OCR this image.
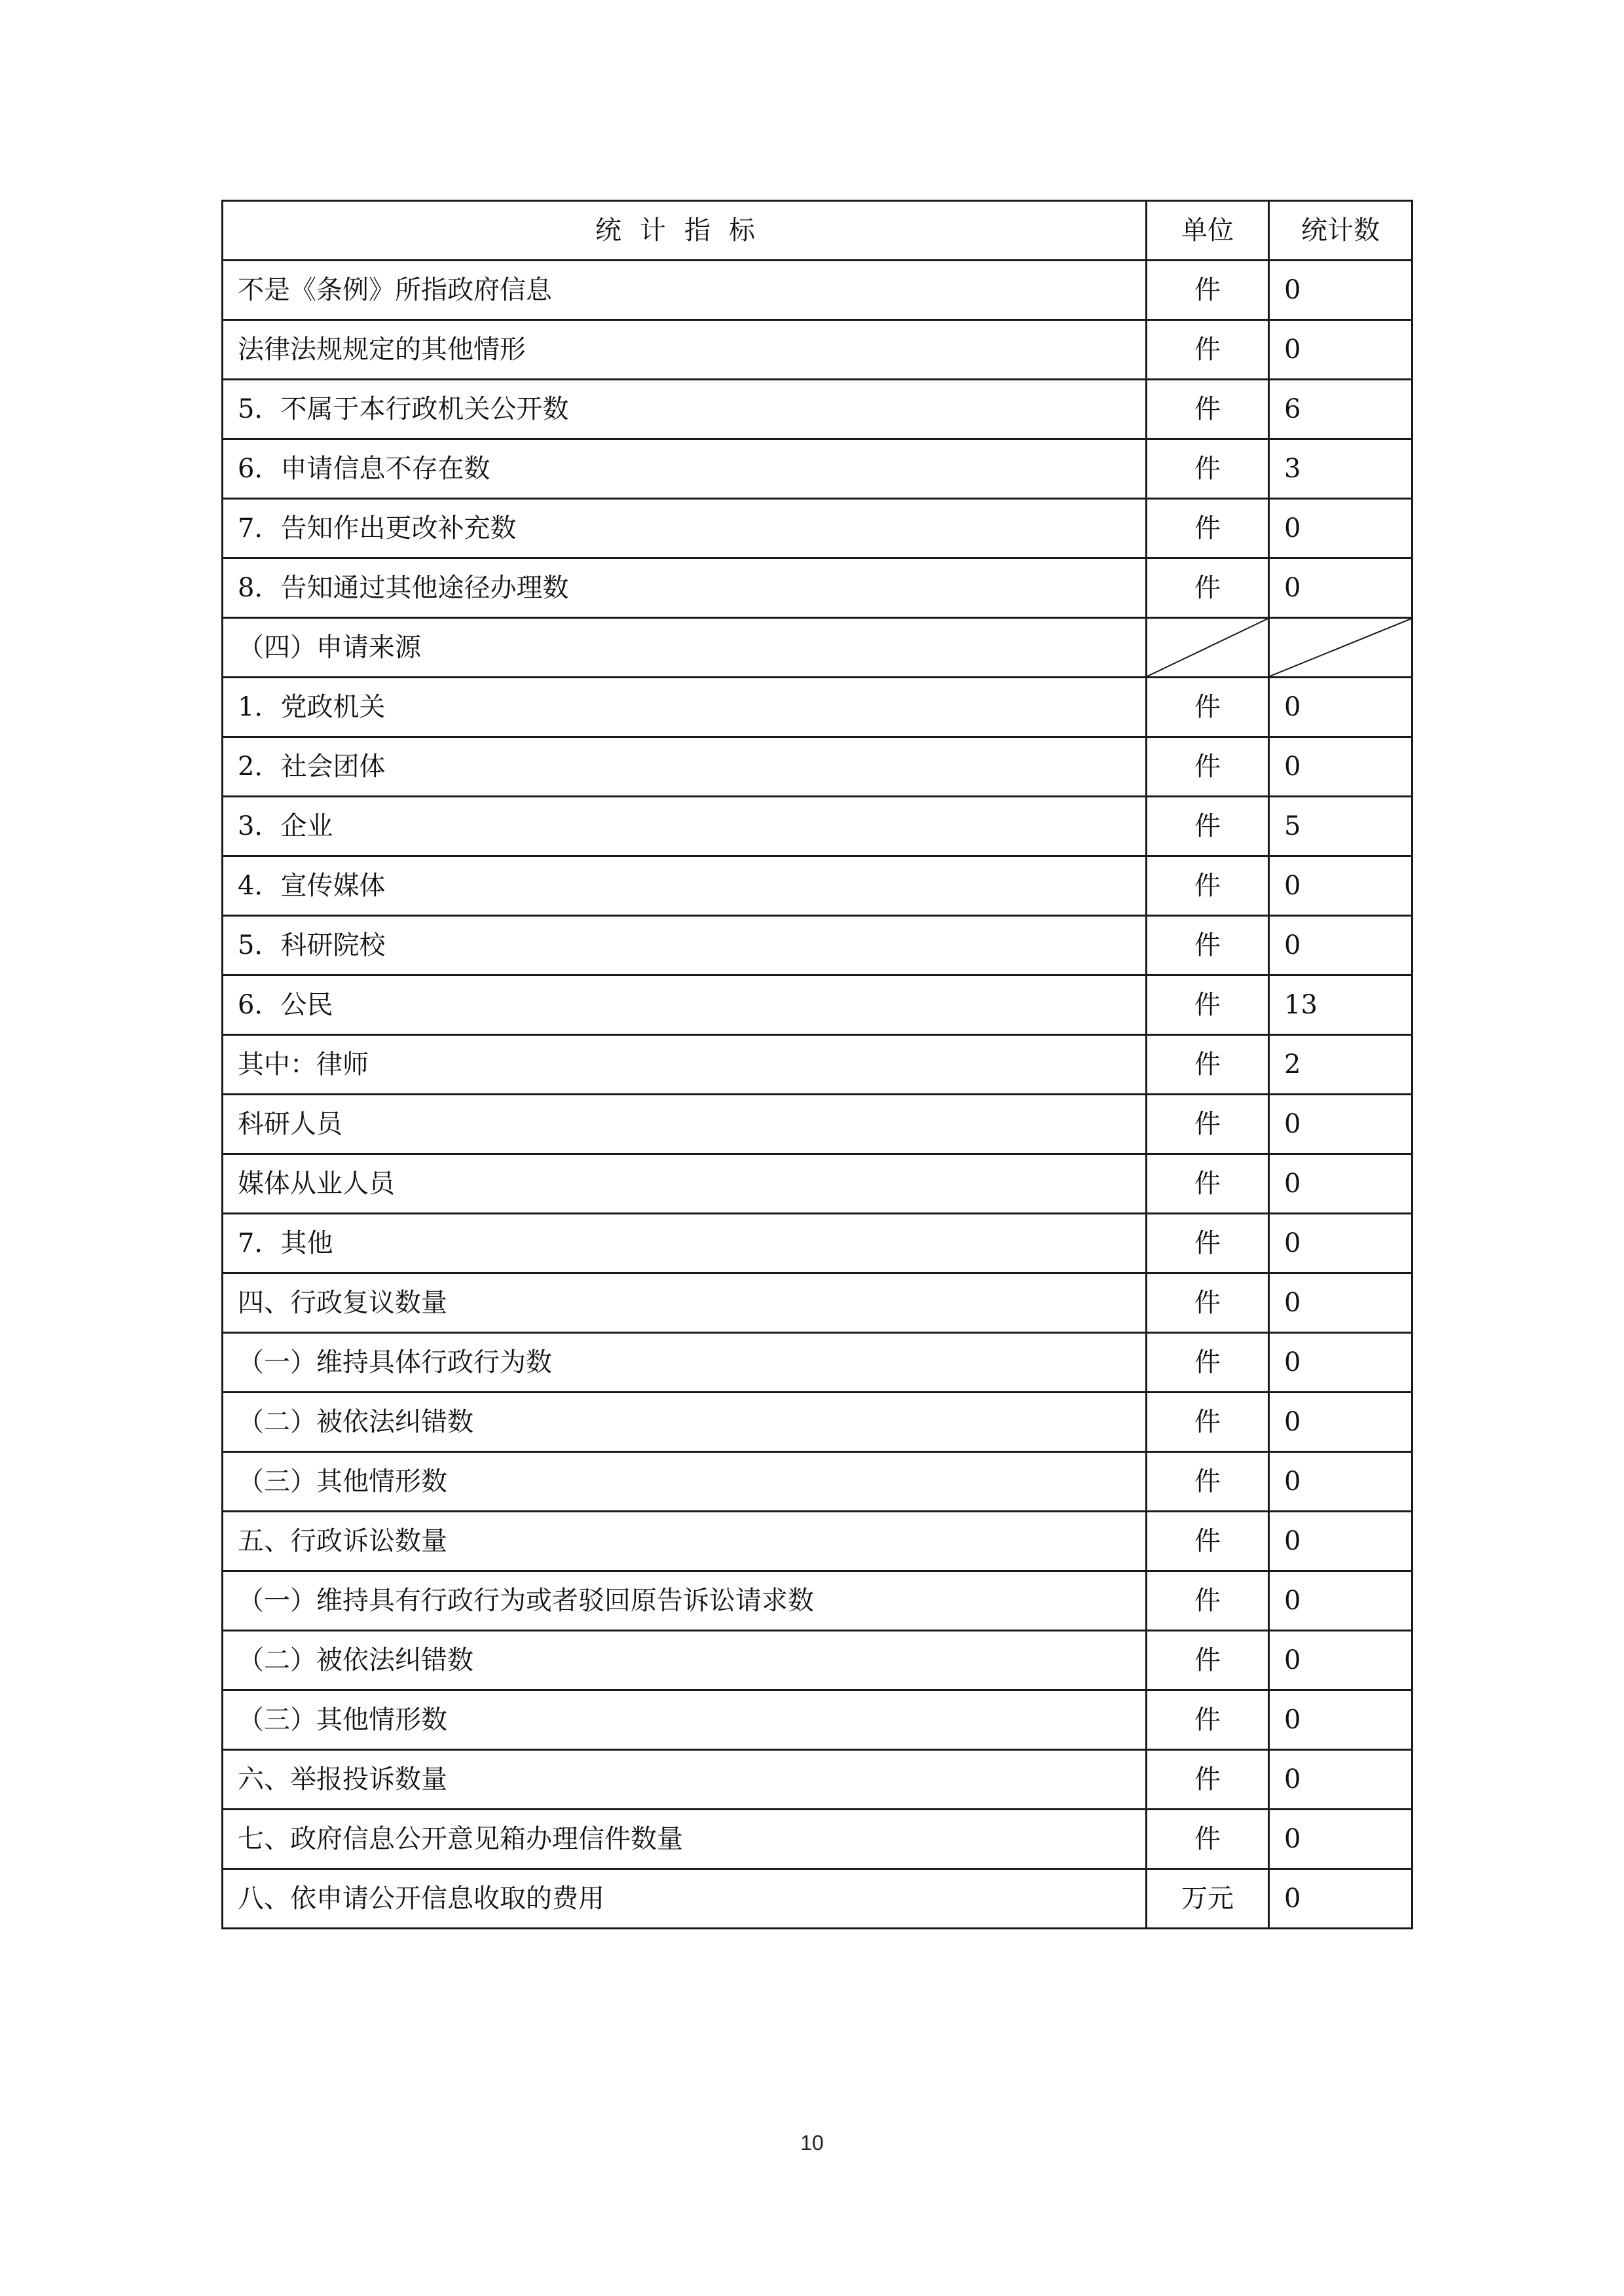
统计指标	单位	统计数
不是《条例》所指政府信息	件	0
法律法规规定的其他情形	件	0
5．不属于本行政机关公开数	件	6
6．申请信息不存在数	件	3
7．告知作出更改补充数	件	0
8．告知通过其他途径办理数	件	0
（四）申请来源	

1．党政机关	件	0
2．社会团体	件	0
3．企业	件	5
4．宣传媒体	件	0
5．科研院校	件	0
6．公民	件	13
其中：律师	件	2
科研人员	件	0
媒体从业人员	件	0
7．其他	件	0
四、行政复议数量	件	0
（一）维持具体行政行为数	件	0
（二）被依法纠错数	件	0
（三）其他情形数	件	0
五、行政诉讼数量	件	0
（一）维持具有行政行为或者驳回原告诉讼请求数	件	0
（二）被依法纠错数	件	0
（三）其他情形数	件	0
六、举报投诉数量	件	0
七、政府信息公开意见箱办理信件数量	件	0
八、依申请公开信息收取的费用	万元	0
10
